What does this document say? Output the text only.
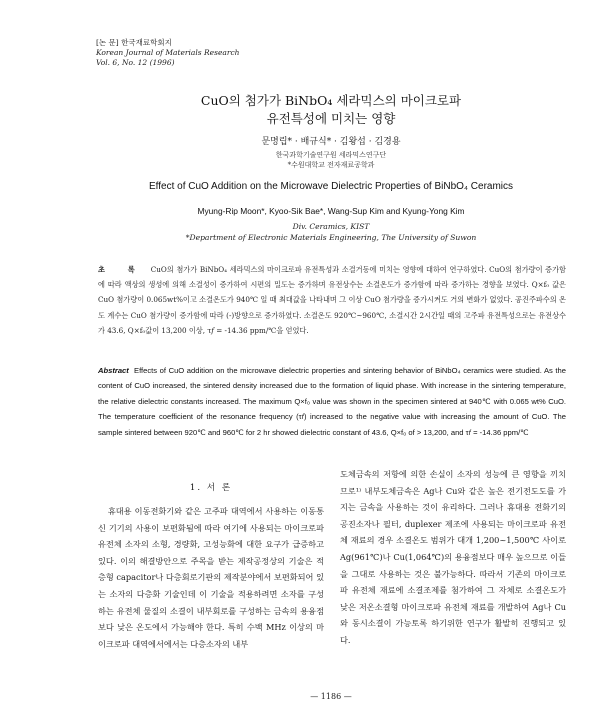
[논 문] 한국재료학회지
Korean Journal of Materials Research
Vol. 6, No. 12 (1996)
CuO의 첨가가 BiNbO₄ 세라믹스의 마이크로파
유전특성에 미치는 영향
문명립* · 배규식* · 김왕섭 · 김경용
한국과학기술연구원 세라믹스연구단
*수원대학교 전자재료공학과
Effect of CuO Addition on the Microwave Dielectric Properties of BiNbO₄ Ceramics
Myung-Rip Moon*, Kyoo-Sik Bae*, Wang-Sup Kim and Kyung-Yong Kim
Div. Ceramics, KIST
*Department of Electronic Materials Engineering, The University of Suwon
초 록 CuO의 첨가가 BiNbO₄ 세라믹스의 마이크로파 유전특성과 소결거동에 미치는 영향에 대하여 연구하였다. CuO의 첨가량이 증가함에 따라 액상의 생성에 의해 소결성이 증가하여 시편의 밀도는 증가하며 유전상수는 소결온도가 증가함에 따라 증가하는 경향을 보였다. Q×f₀ 값은 CuO 첨가량이 0.065wt%이고 소결온도가 940℃ 일 때 최대값을 나타내며 그 이상 CuO 첨가량을 증가시켜도 거의 변화가 없었다. 공진주파수의 온도 계수는 CuO 첨가량이 증가함에 따라 (-)방향으로 증가하였다. 소결온도 920℃~960℃, 소결시간 2시간일 때의 고주파 유전특성으로는 유전상수가 43.6, Q×f₀값이 13,200 이상, τ𝑓 = -14.36 ppm/℃을 얻었다.
Abstract Effects of CuO addition on the microwave dielectric properties and sintering behavior of BiNbO₄ ceramics were studied. As the content of CuO increased, the sintered density increased due to the formation of liquid phase. With increase in the sintering temperature, the relative dielectric constants increased. The maximum Q×f₀ value was shown in the specimen sintered at 940℃ with 0.065 wt% CuO. The temperature coefficient of the resonance frequency (τ𝑓) increased to the negative value with increasing the amount of CuO. The sample sintered between 920℃ and 960℃ for 2 hr showed dielectric constant of 43.6, Q×f₀ of > 13,200, and τ𝑓 = -14.36 ppm/℃
1. 서 론
휴대용 이동전화기와 같은 고주파 대역에서 사용하는 이동통신 기기의 사용이 보편화됨에 따라 여기에 사용되는 마이크로파 유전체 소자의 소형, 경량화, 고성능화에 대한 요구가 급증하고있다. 이의 해결방안으로 주목을 받는 제작공정상의 기술은 적층형 capacitor나 다층회로기판의 제작분야에서 보편화되어 있는 소자의 다층화 기술인데 이 기술을 적용하려면 소자를 구성하는 유전체 물질의 소결이 내부회로를 구성하는 금속의 용융점보다 낮은 온도에서 가능해야 한다. 특히 수백 MHz 이상의 마이크로파 대역에서에서는 다층소자의 내부
도체금속의 저항에 의한 손실이 소자의 성능에 큰 영향을 끼치므로¹⁾ 내부도체금속은 Ag나 Cu와 같은 높은 전기전도도를 가지는 금속을 사용하는 것이 유리하다. 그러나 휴대용 전화기의 공진소자나 필터, duplexer 제조에 사용되는 마이크로파 유전체 재료의 경우 소결온도 범위가 대개 1,200~1,500℃ 사이로 Ag(961℃)나 Cu(1,064℃)의 용융점보다 매우 높으므로 이들을 그대로 사용하는 것은 불가능하다. 따라서 기존의 마이크로파 유전체 재료에 소결조제를 첨가하여 그 자체로 소결온도가 낮은 저온소결형 마이크로파 유전체 재료를 개발하여 Ag나 Cu와 동시소결이 가능토록 하기위한 연구가 활발히 진행되고 있다.
— 1186 —
